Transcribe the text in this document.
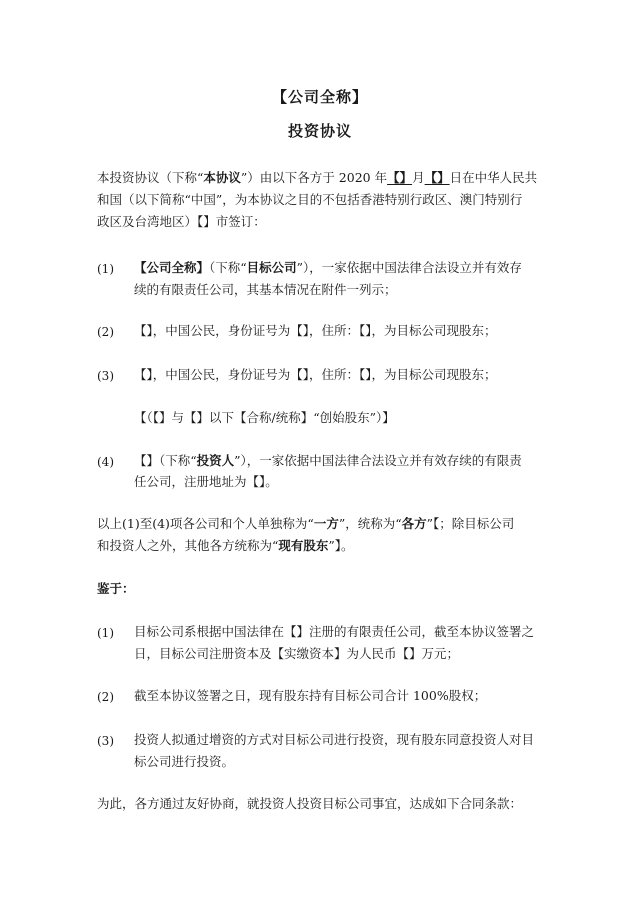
【公司全称】
投资协议
本投资协议（下称“本协议”）由以下各方于 2020 年【】月【】日在中华人民共
和国（以下简称“中国”，为本协议之目的不包括香港特别行政区、澳门特别行
政区及台湾地区）【】市签订：
(1) 【公司全称】（下称“目标公司”），一家依据中国法律合法设立并有效存
续的有限责任公司，其基本情况在附件一列示；
(2) 【】，中国公民，身份证号为【】，住所：【】，为目标公司现股东；
(3) 【】，中国公民，身份证号为【】，住所：【】，为目标公司现股东；
【（【】与【】以下【合称/统称】“创始股东”）】
(4) 【】（下称“投资人”），一家依据中国法律合法设立并有效存续的有限责
任公司，注册地址为【】。
以上(1)至(4)项各公司和个人单独称为“一方”，统称为“各方”【；除目标公司
和投资人之外，其他各方统称为“现有股东”】。
鉴于：
(1) 目标公司系根据中国法律在【】注册的有限责任公司，截至本协议签署之
日，目标公司注册资本及【实缴资本】为人民币【】万元；
(2) 截至本协议签署之日，现有股东持有目标公司合计 100%股权；
(3) 投资人拟通过增资的方式对目标公司进行投资，现有股东同意投资人对目
标公司进行投资。
为此，各方通过友好协商，就投资人投资目标公司事宜，达成如下合同条款：
